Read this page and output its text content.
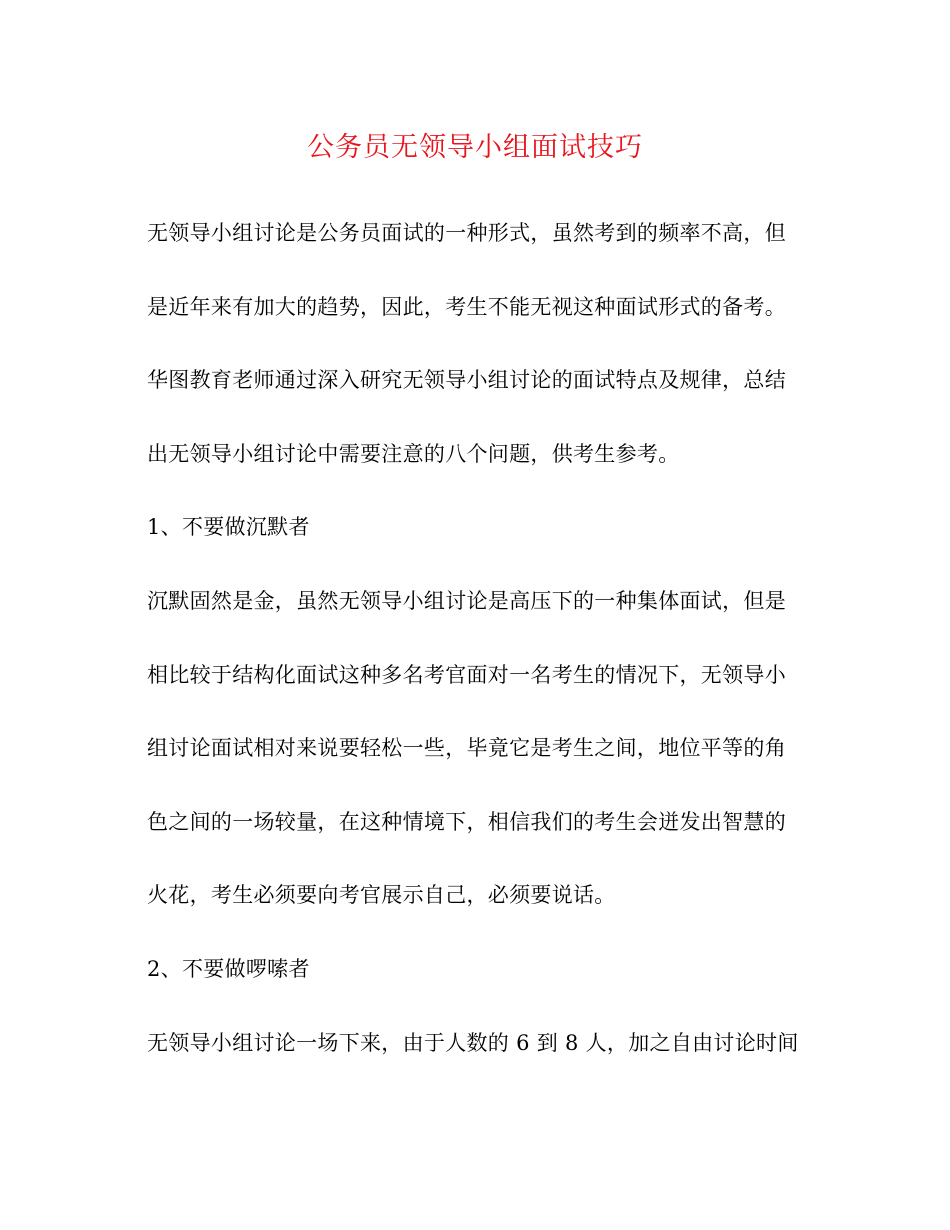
公务员无领导小组面试技巧
无领导小组讨论是公务员面试的一种形式，虽然考到的频率不高，但
是近年来有加大的趋势，因此，考生不能无视这种面试形式的备考。
华图教育老师通过深入研究无领导小组讨论的面试特点及规律，总结
出无领导小组讨论中需要注意的八个问题，供考生参考。
1、不要做沉默者
沉默固然是金，虽然无领导小组讨论是高压下的一种集体面试，但是
相比较于结构化面试这种多名考官面对一名考生的情况下，无领导小
组讨论面试相对来说要轻松一些，毕竟它是考生之间，地位平等的角
色之间的一场较量，在这种情境下，相信我们的考生会迸发出智慧的
火花，考生必须要向考官展示自己，必须要说话。
2、不要做啰嗦者
无领导小组讨论一场下来，由于人数的 6 到 8 人，加之自由讨论时间
